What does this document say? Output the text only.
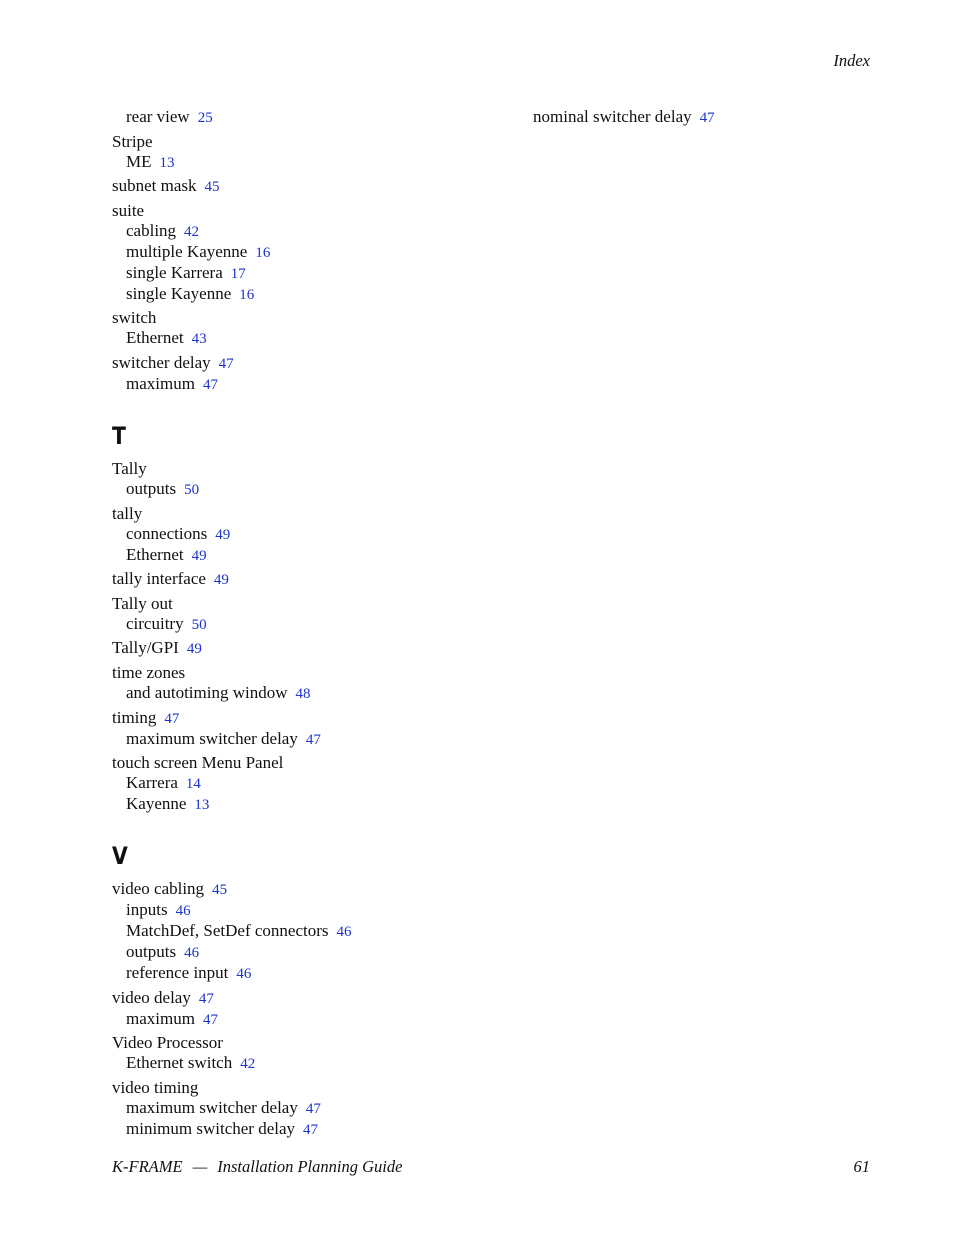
Index
rear view 25
Stripe
ME 13
subnet mask 45
suite
cabling 42
multiple Kayenne 16
single Karrera 17
single Kayenne 16
switch
Ethernet 43
switcher delay 47
maximum 47
T
Tally
outputs 50
tally
connections 49
Ethernet 49
tally interface 49
Tally out
circuitry 50
Tally/GPI 49
time zones
and autotiming window 48
timing 47
maximum switcher delay 47
touch screen Menu Panel
Karrera 14
Kayenne 13
V
video cabling 45
inputs 46
MatchDef, SetDef connectors 46
outputs 46
reference input 46
video delay 47
maximum 47
Video Processor
Ethernet switch 42
video timing
maximum switcher delay 47
minimum switcher delay 47
nominal switcher delay 47
K-FRAME — Installation Planning Guide	61
